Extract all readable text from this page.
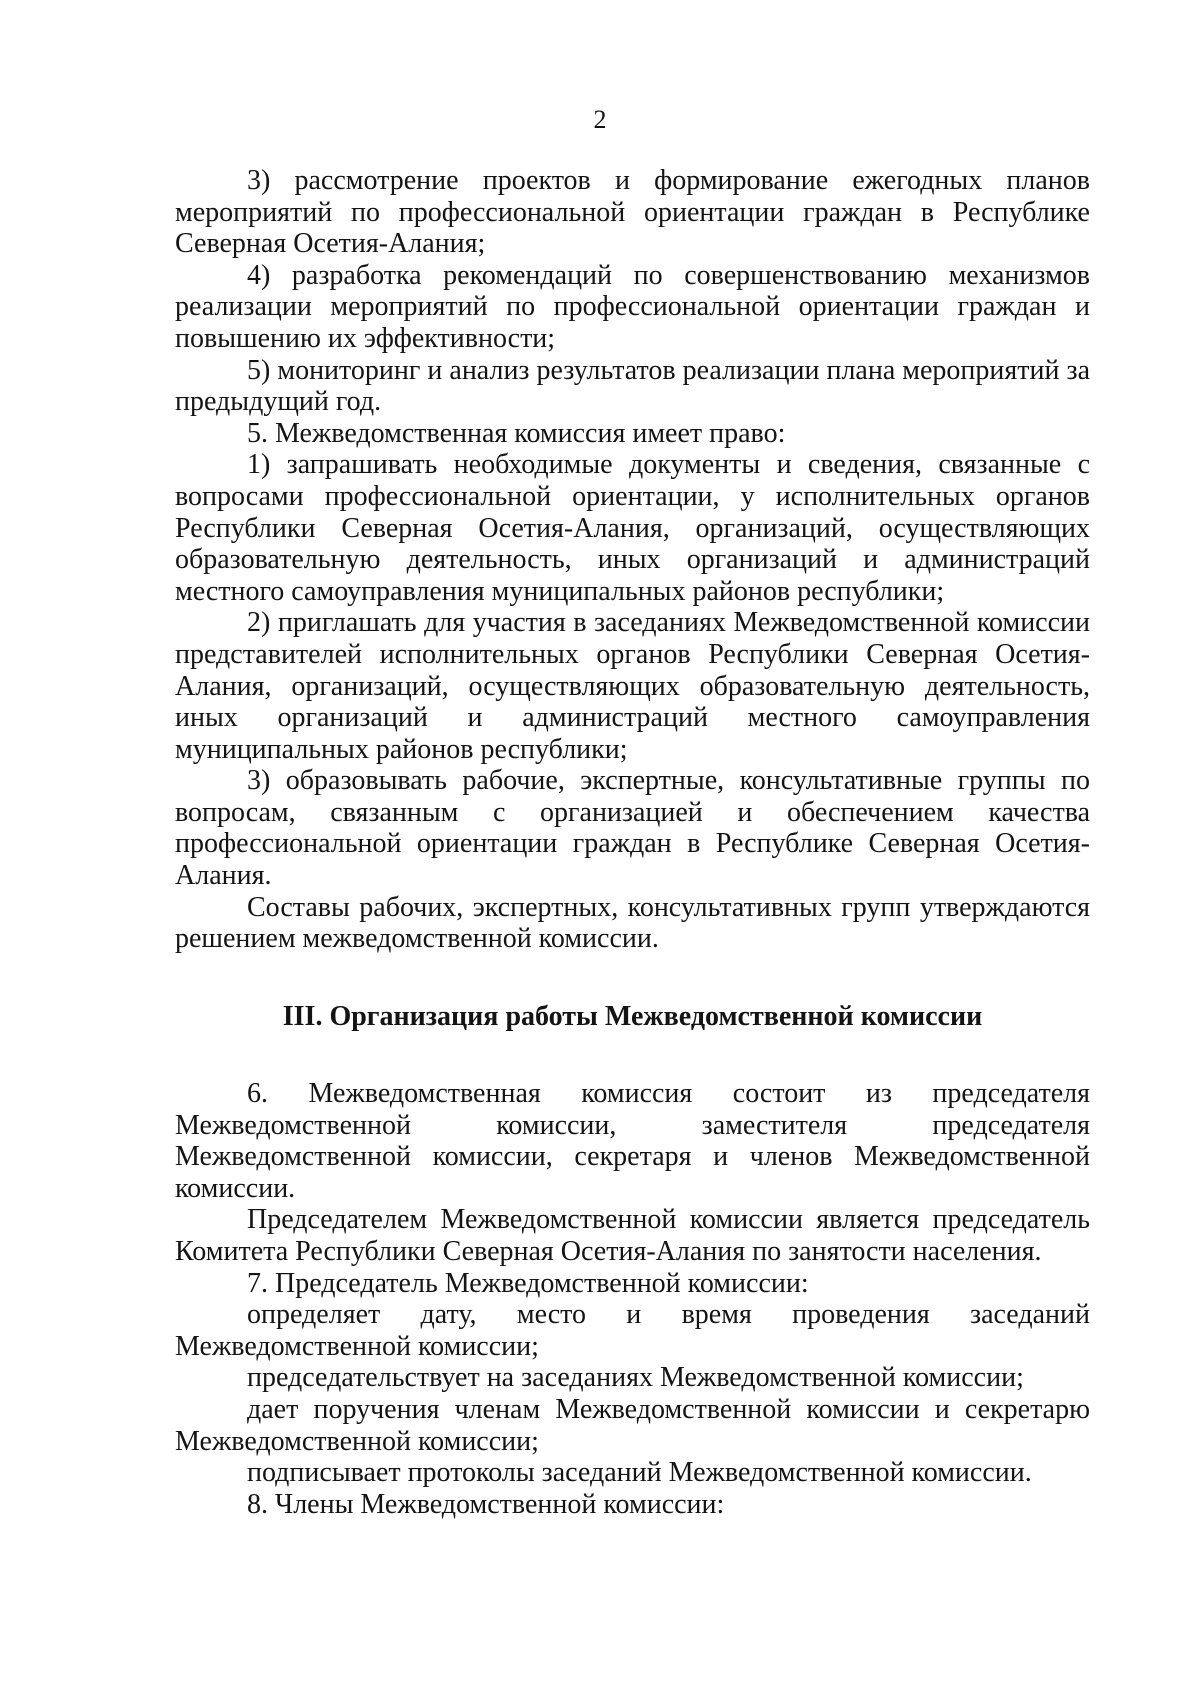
2

3) рассмотрение проектов и формирование ежегодных планов мероприятий по профессиональной ориентации граждан в Республике Северная Осетия-Алания;

4) разработка рекомендаций по совершенствованию механизмов реализации мероприятий по профессиональной ориентации граждан и повышению их эффективности;

5) мониторинг и анализ результатов реализации плана мероприятий за предыдущий год.

5. Межведомственная комиссия имеет право:

1) запрашивать необходимые документы и сведения, связанные с вопросами профессиональной ориентации, у исполнительных органов Республики Северная Осетия-Алания, организаций, осуществляющих образовательную деятельность, иных организаций и администраций местного самоуправления муниципальных районов республики;

2) приглашать для участия в заседаниях Межведомственной комиссии представителей исполнительных органов Республики Северная Осетия-Алания, организаций, осуществляющих образовательную деятельность, иных организаций и администраций местного самоуправления муниципальных районов республики;

3) образовывать рабочие, экспертные, консультативные группы по вопросам, связанным с организацией и обеспечением качества профессиональной ориентации граждан в Республике Северная Осетия-Алания.

Составы рабочих, экспертных, консультативных групп утверждаются решением межведомственной комиссии.

III. Организация работы Межведомственной комиссии

6. Межведомственная комиссия состоит из председателя Межведомственной комиссии, заместителя председателя Межведомственной комиссии, секретаря и членов Межведомственной комиссии.

Председателем Межведомственной комиссии является председатель Комитета Республики Северная Осетия-Алания по занятости населения.

7. Председатель Межведомственной комиссии:

определяет дату, место и время проведения заседаний Межведомственной комиссии;

председательствует на заседаниях Межведомственной комиссии;

дает поручения членам Межведомственной комиссии и секретарю Межведомственной комиссии;

подписывает протоколы заседаний Межведомственной комиссии.

8. Члены Межведомственной комиссии:
